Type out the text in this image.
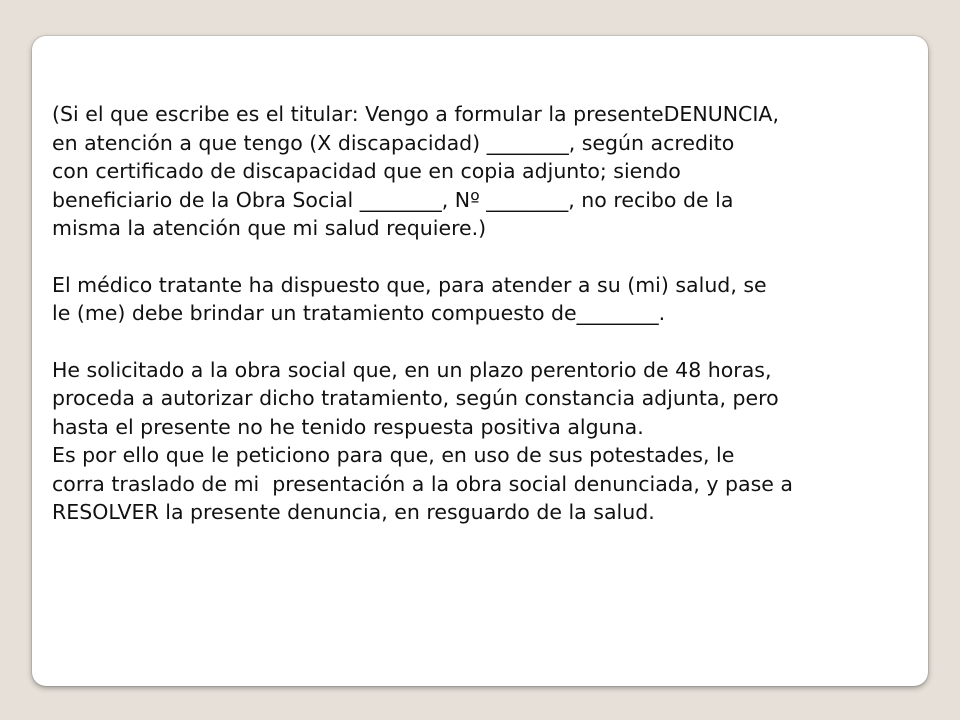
(Si el que escribe es el titular: Vengo a formular la presenteDENUNCIA,

en atención a que tengo (X discapacidad) ________, según acredito

con certificado de discapacidad que en copia adjunto; siendo

beneficiario de la Obra Social ________, Nº ________, no recibo de la

misma la atención que mi salud requiere.)

El médico tratante ha dispuesto que, para atender a su (mi) salud, se

le (me) debe brindar un tratamiento compuesto de________.

He solicitado a la obra social que, en un plazo perentorio de 48 horas,

proceda a autorizar dicho tratamiento, según constancia adjunta, pero

hasta el presente no he tenido respuesta positiva alguna.

Es por ello que le peticiono para que, en uso de sus potestades, le

corra traslado de mi  presentación a la obra social denunciada, y pase a

RESOLVER la presente denuncia, en resguardo de la salud.
